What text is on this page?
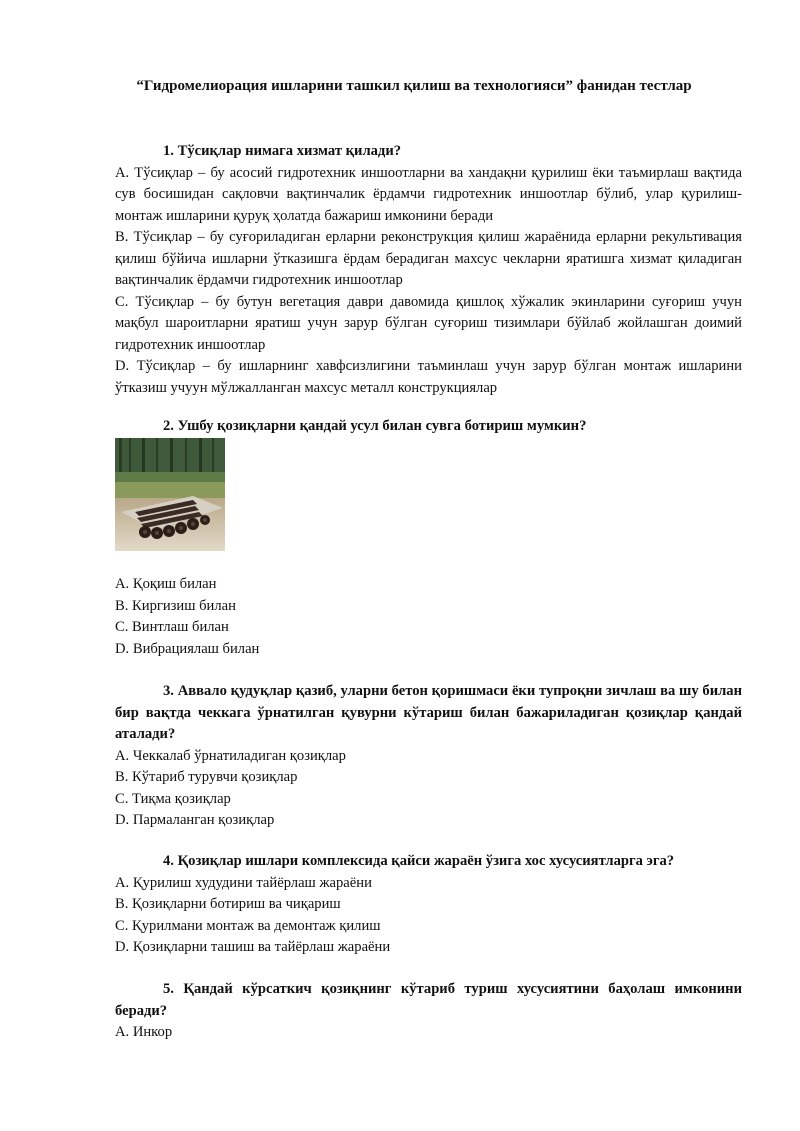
“Гидромелиорация ишларини ташкил қилиш ва технологияси” фанидан тестлар

1. Тўсиқлар нимага хизмат қилади?

A. Тўсиқлар – бу асосий гидротехник иншоотларни ва хандақни қурилиш ёки таъмирлаш вақтида сув босишидан сақловчи вақтинчалик ёрдамчи гидротехник иншоотлар бўлиб, улар қурилиш-монтаж ишларини қуруқ ҳолатда бажариш имконини беради

B. Тўсиқлар – бу суғориладиган ерларни реконструкция қилиш жараёнида ерларни рекультивация қилиш бўйича ишларни ўтказишга ёрдам берадиган махсус чекларни яратишга хизмат қиладиган вақтинчалик ёрдамчи гидротехник иншоотлар

C. Тўсиқлар – бу бутун вегетация даври давомида қишлоқ хўжалик экинларини суғориш учун мақбул шароитларни яратиш учун зарур бўлган суғориш тизимлари бўйлаб жойлашган доимий гидротехник иншоотлар

D. Тўсиқлар – бу ишларнинг хавфсизлигини таъминлаш учун зарур бўлган монтаж ишларини ўтказиш учуун мўлжалланган махсус металл конструкциялар

2. Ушбу қозиқларни қандай усул билан сувга ботириш мумкин?

A. Қоқиш билан

B. Киргизиш билан

C. Винтлаш билан

D. Вибрациялаш билан

3. Аввало қудуқлар қазиб, уларни бетон қоришмаси ёки тупроқни зичлаш ва шу билан бир вақтда чеккага ўрнатилган қувурни кўтариш билан бажариладиган қозиқлар қандай аталади?

A. Чеккалаб ўрнатиладиган қозиқлар

B. Кўтариб турувчи қозиқлар

C. Тиқма қозиқлар

D. Пармаланган қозиқлар

4. Қозиқлар ишлари комплексида қайси жараён ўзига хос хусусиятларга эга?

A. Қурилиш худудини тайёрлаш жараёни

B. Қозиқларни ботириш ва чиқариш

C. Қурилмани монтаж ва демонтаж қилиш

D. Қозиқларни ташиш ва тайёрлаш жараёни

5. Қандай кўрсаткич қозиқнинг кўтариб туриш хусусиятини баҳолаш имконини беради?

A. Инкор
